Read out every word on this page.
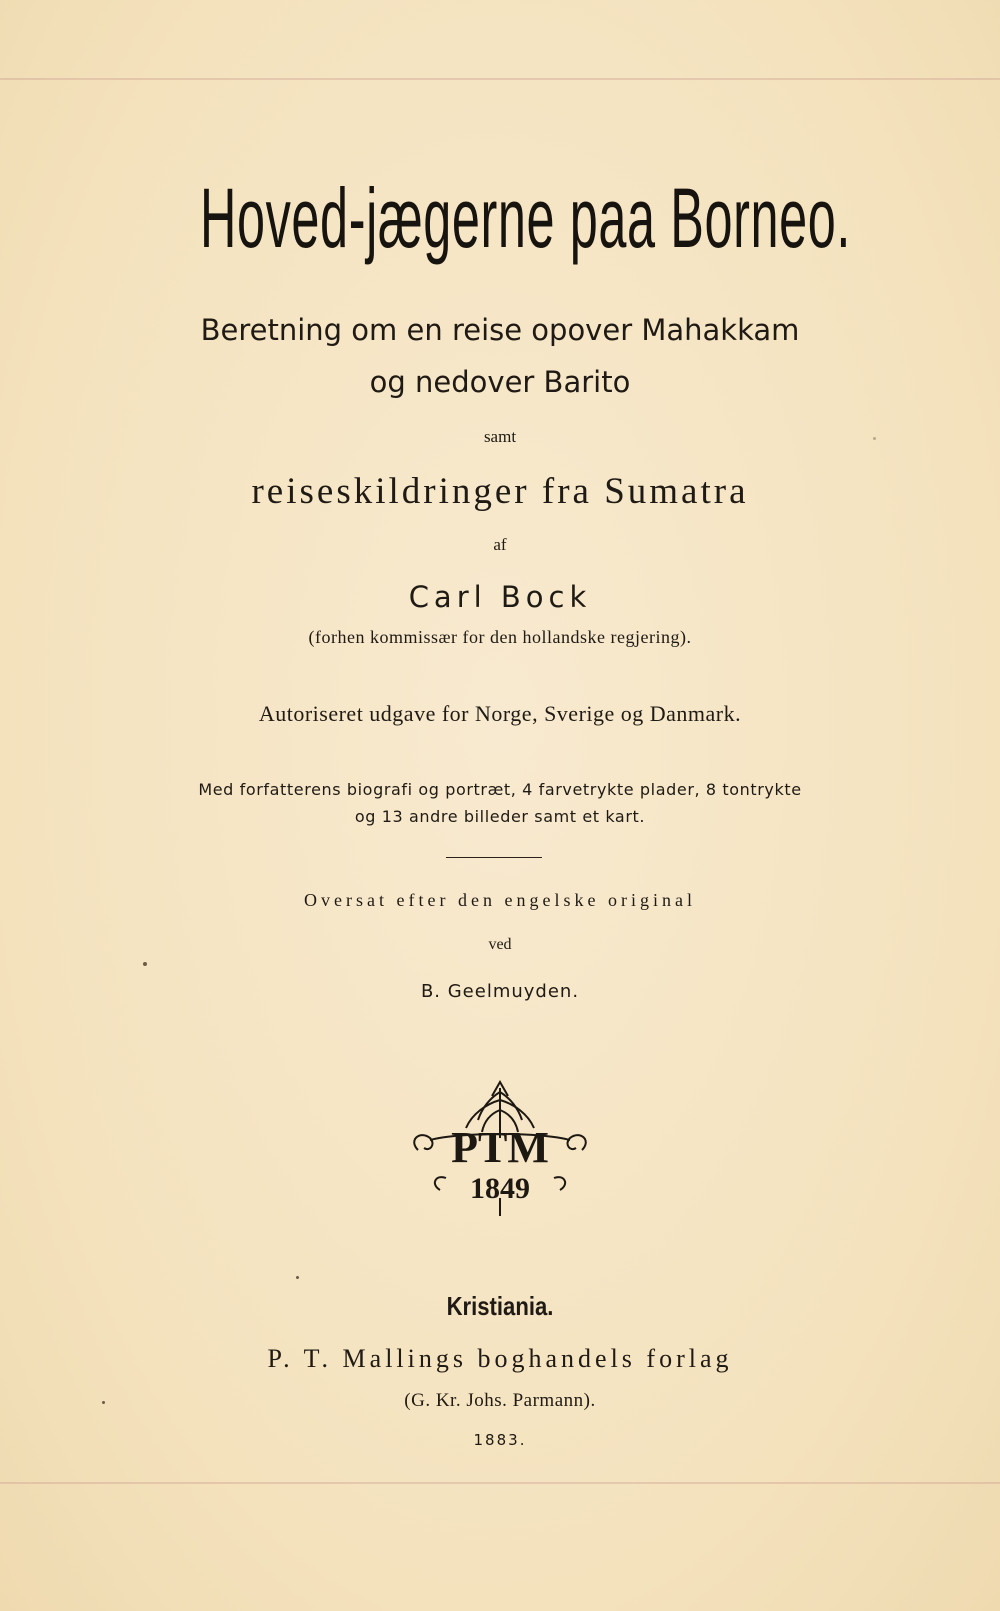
Hoved-jægerne paa Borneo.
Beretning om en reise opover Mahakkam
og nedover Barito
samt
reiseskildringer fra Sumatra
af
Carl Bock
(forhen kommissær for den hollandske regjering).
Autoriseret udgave for Norge, Sverige og Danmark.
Med forfatterens biografi og portræt, 4 farvetrykte plader, 8 tontrykte
og 13 andre billeder samt et kart.
Oversat efter den engelske original
ved
B. Geelmuyden.
PTM
1849
Kristiania.
P. T. Mallings boghandels forlag
(G. Kr. Johs. Parmann).
1883.
